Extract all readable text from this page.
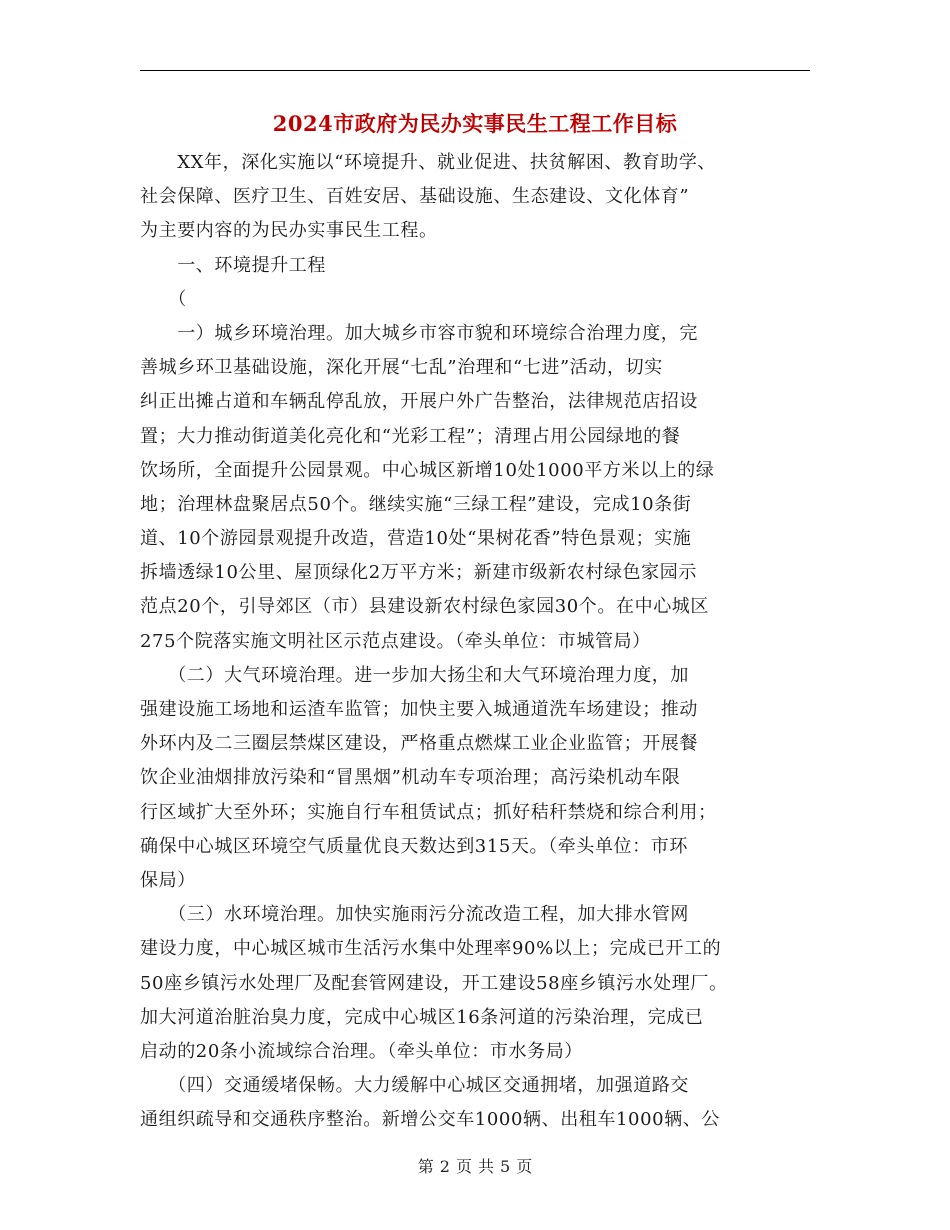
2024市政府为民办实事民生工程工作目标
　　XX年，深化实施以“环境提升、就业促进、扶贫解困、教育助学、
社会保障、医疗卫生、百姓安居、基础设施、生态建设、文化体育”
为主要内容的为民办实事民生工程。
　　一、环境提升工程
　　（
　　一）城乡环境治理。加大城乡市容市貌和环境综合治理力度，完
善城乡环卫基础设施，深化开展“七乱”治理和“七进”活动，切实
纠正出摊占道和车辆乱停乱放，开展户外广告整治，法律规范店招设
置；大力推动街道美化亮化和“光彩工程”；清理占用公园绿地的餐
饮场所，全面提升公园景观。中心城区新增10处1000平方米以上的绿
地；治理林盘聚居点50个。继续实施“三绿工程”建设，完成10条街
道、10个游园景观提升改造，营造10处“果树花香”特色景观；实施
拆墙透绿10公里、屋顶绿化2万平方米；新建市级新农村绿色家园示
范点20个，引导郊区（市）县建设新农村绿色家园30个。在中心城区
275个院落实施文明社区示范点建设。（牵头单位：市城管局）
　　（二）大气环境治理。进一步加大扬尘和大气环境治理力度，加
强建设施工场地和运渣车监管；加快主要入城通道洗车场建设；推动
外环内及二三圈层禁煤区建设，严格重点燃煤工业企业监管；开展餐
饮企业油烟排放污染和“冒黑烟”机动车专项治理；高污染机动车限
行区域扩大至外环；实施自行车租赁试点；抓好秸秆禁烧和综合利用；
确保中心城区环境空气质量优良天数达到315天。（牵头单位：市环
保局）
　　（三）水环境治理。加快实施雨污分流改造工程，加大排水管网
建设力度，中心城区城市生活污水集中处理率90%以上；完成已开工的
50座乡镇污水处理厂及配套管网建设，开工建设58座乡镇污水处理厂。
加大河道治脏治臭力度，完成中心城区16条河道的污染治理，完成已
启动的20条小流域综合治理。（牵头单位：市水务局）
　　（四）交通缓堵保畅。大力缓解中心城区交通拥堵，加强道路交
通组织疏导和交通秩序整治。新增公交车1000辆、出租车1000辆、公
第 2 页 共 5 页
